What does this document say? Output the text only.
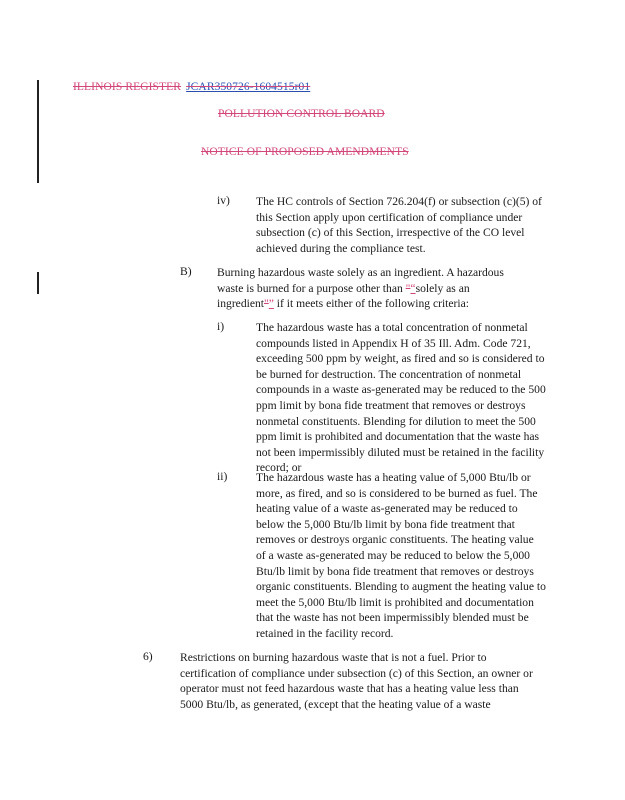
ILLINOIS REGISTER JCAR350726-1604515r01
POLLUTION CONTROL BOARD
NOTICE OF PROPOSED AMENDMENTS
iv) The HC controls of Section 726.204(f) or subsection (c)(5) of this Section apply upon certification of compliance under subsection (c) of this Section, irrespective of the CO level achieved during the compliance test.
B) Burning hazardous waste solely as an ingredient. A hazardous waste is burned for a purpose other than "“solely as an ingredient"” if it meets either of the following criteria:
i)	The hazardous waste has a total concentration of nonmetal compounds listed in Appendix H of 35 Ill. Adm. Code 721, exceeding 500 ppm by weight, as fired and so is considered to be burned for destruction. The concentration of nonmetal compounds in a waste as-generated may be reduced to the 500 ppm limit by bona fide treatment that removes or destroys nonmetal constituents. Blending for dilution to meet the 500 ppm limit is prohibited and documentation that the waste has not been impermissibly diluted must be retained in the facility record; or
ii) The hazardous waste has a heating value of 5,000 Btu/lb or more, as fired, and so is considered to be burned as fuel. The heating value of a waste as-generated may be reduced to below the 5,000 Btu/lb limit by bona fide treatment that removes or destroys organic constituents. The heating value of a waste as-generated may be reduced to below the 5,000 Btu/lb limit by bona fide treatment that removes or destroys organic constituents. Blending to augment the heating value to meet the 5,000 Btu/lb limit is prohibited and documentation that the waste has not been impermissibly blended must be retained in the facility record.
6) Restrictions on burning hazardous waste that is not a fuel. Prior to certification of compliance under subsection (c) of this Section, an owner or operator must not feed hazardous waste that has a heating value less than 5000 Btu/lb, as generated, (except that the heating value of a waste
